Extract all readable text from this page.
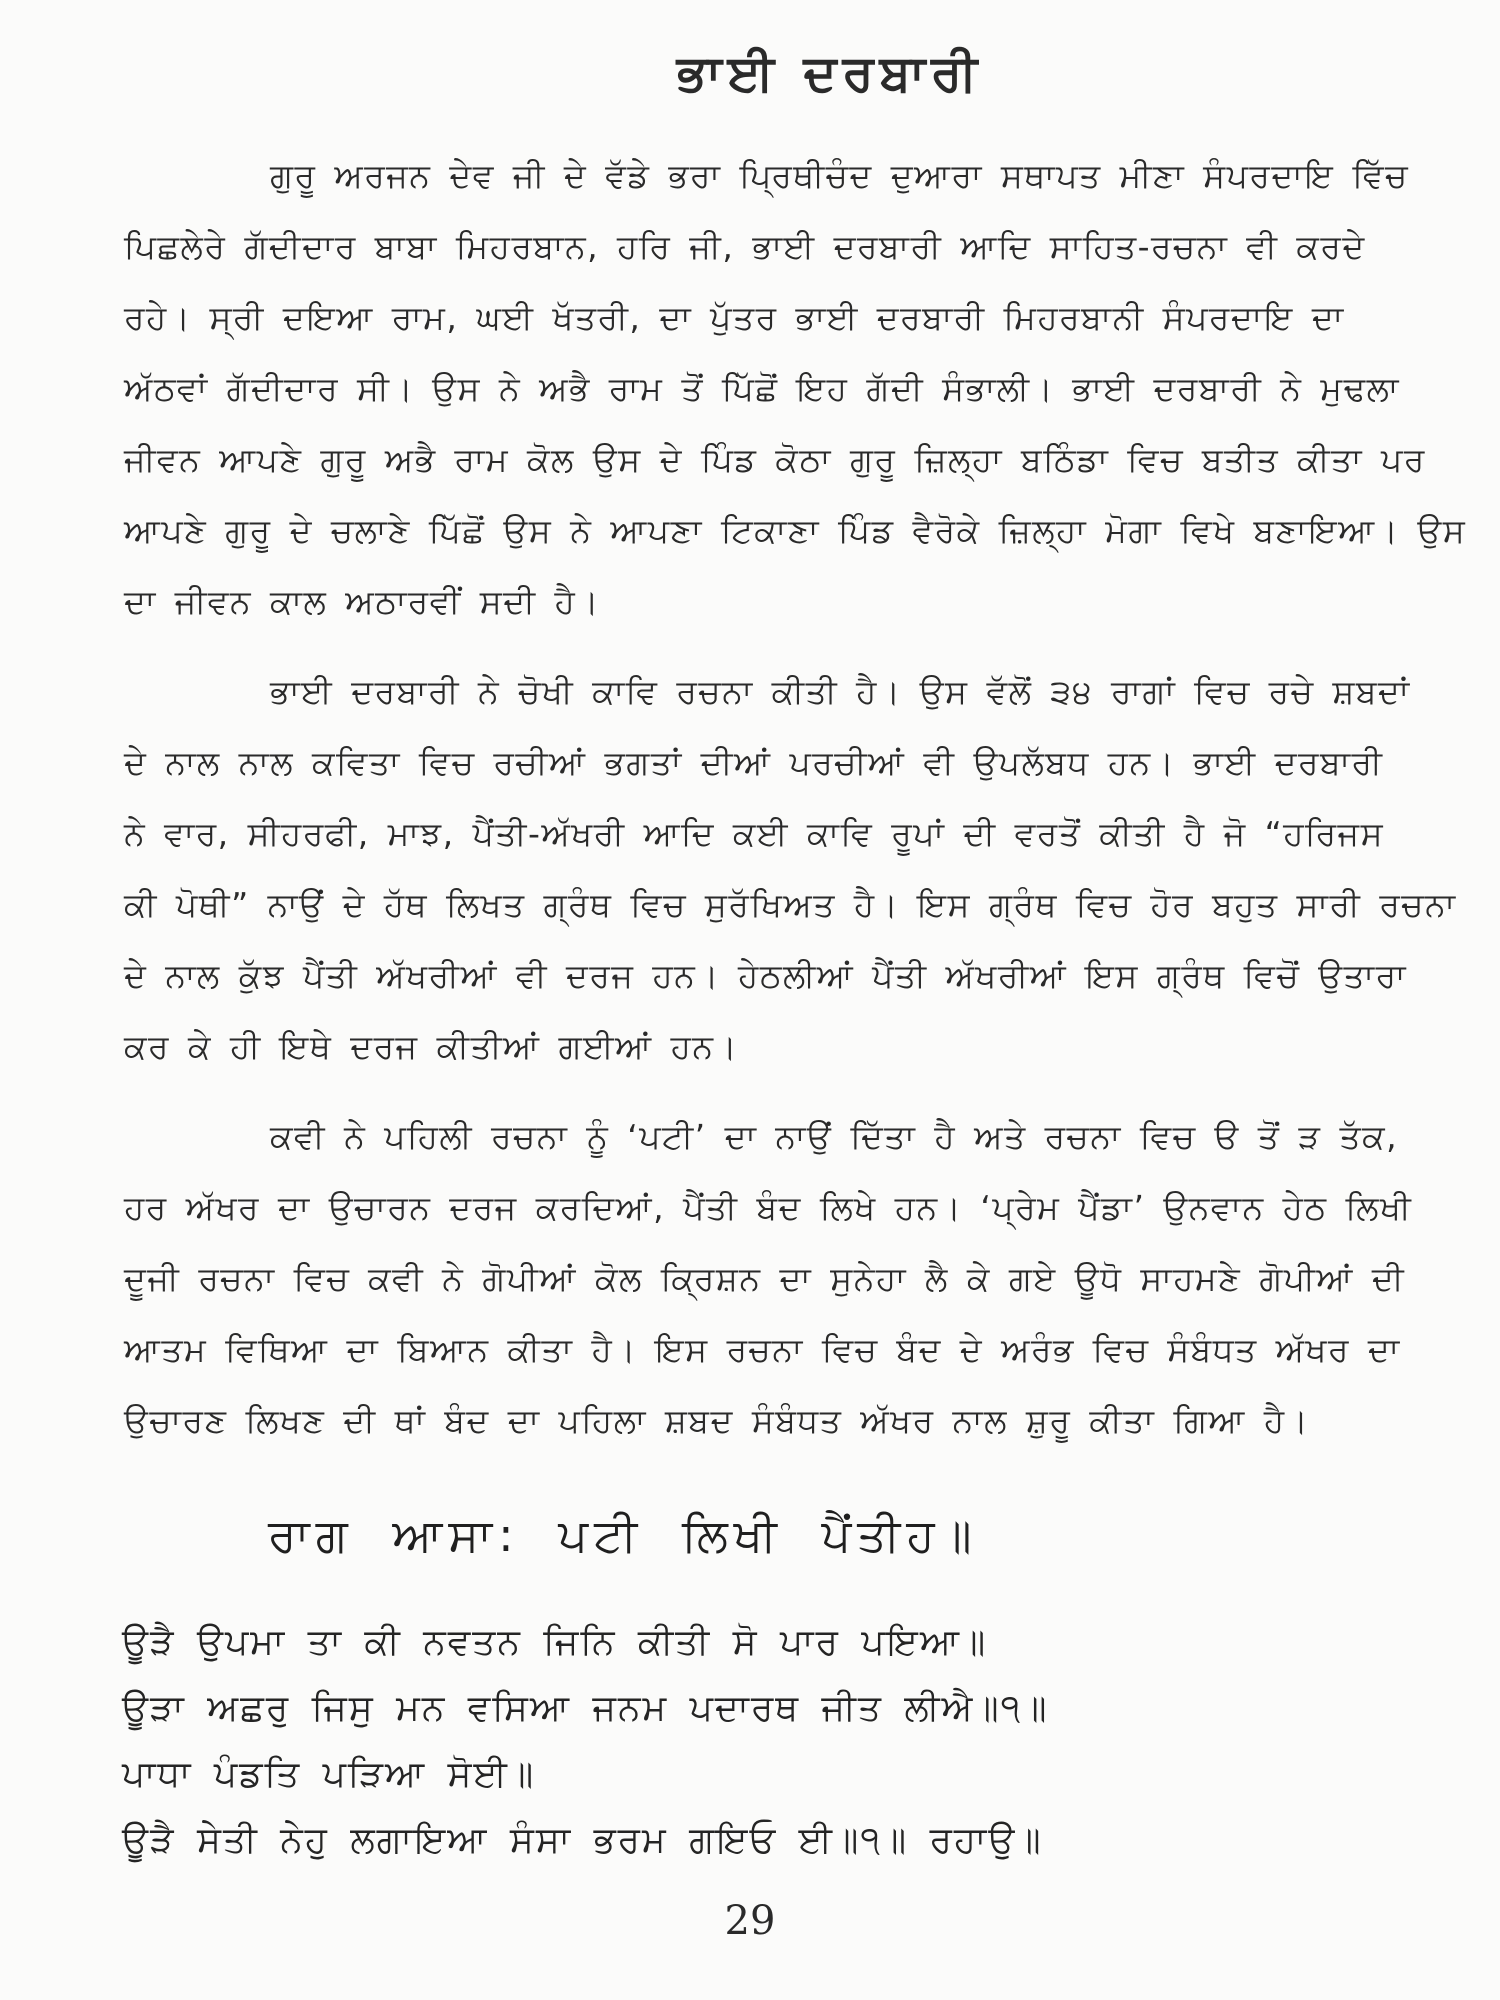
ਭਾਈ ਦਰਬਾਰੀ

ਗੁਰੂ ਅਰਜਨ ਦੇਵ ਜੀ ਦੇ ਵੱਡੇ ਭਰਾ ਪ੍ਰਿਥੀਚੰਦ ਦੁਆਰਾ ਸਥਾਪਤ ਮੀਣਾ ਸੰਪਰਦਾਇ ਵਿੱਚ
ਪਿਛਲੇਰੇ ਗੱਦੀਦਾਰ ਬਾਬਾ ਮਿਹਰਬਾਨ, ਹਰਿ ਜੀ, ਭਾਈ ਦਰਬਾਰੀ ਆਦਿ ਸਾਹਿਤ-ਰਚਨਾ ਵੀ ਕਰਦੇ
ਰਹੇ। ਸ੍ਰੀ ਦਇਆ ਰਾਮ, ਘਈ ਖੱਤਰੀ, ਦਾ ਪੁੱਤਰ ਭਾਈ ਦਰਬਾਰੀ ਮਿਹਰਬਾਨੀ ਸੰਪਰਦਾਇ ਦਾ
ਅੱਠਵਾਂ ਗੱਦੀਦਾਰ ਸੀ। ਉਸ ਨੇ ਅਭੈ ਰਾਮ ਤੋਂ ਪਿੱਛੋਂ ਇਹ ਗੱਦੀ ਸੰਭਾਲੀ। ਭਾਈ ਦਰਬਾਰੀ ਨੇ ਮੁਢਲਾ
ਜੀਵਨ ਆਪਣੇ ਗੁਰੂ ਅਭੈ ਰਾਮ ਕੋਲ ਉਸ ਦੇ ਪਿੰਡ ਕੋਠਾ ਗੁਰੂ ਜ਼ਿਲ੍ਹਾ ਬਠਿੰਡਾ ਵਿਚ ਬਤੀਤ ਕੀਤਾ ਪਰ
ਆਪਣੇ ਗੁਰੂ ਦੇ ਚਲਾਣੇ ਪਿੱਛੋਂ ਉਸ ਨੇ ਆਪਣਾ ਟਿਕਾਣਾ ਪਿੰਡ ਵੈਰੋਕੇ ਜ਼ਿਲ੍ਹਾ ਮੋਗਾ ਵਿਖੇ ਬਣਾਇਆ। ਉਸ
ਦਾ ਜੀਵਨ ਕਾਲ ਅਠਾਰਵੀਂ ਸਦੀ ਹੈ।

ਭਾਈ ਦਰਬਾਰੀ ਨੇ ਚੋਖੀ ਕਾਵਿ ਰਚਨਾ ਕੀਤੀ ਹੈ। ਉਸ ਵੱਲੋਂ ੩੪ ਰਾਗਾਂ ਵਿਚ ਰਚੇ ਸ਼ਬਦਾਂ
ਦੇ ਨਾਲ ਨਾਲ ਕਵਿਤਾ ਵਿਚ ਰਚੀਆਂ ਭਗਤਾਂ ਦੀਆਂ ਪਰਚੀਆਂ ਵੀ ਉਪਲੱਬਧ ਹਨ। ਭਾਈ ਦਰਬਾਰੀ
ਨੇ ਵਾਰ, ਸੀਹਰਫੀ, ਮਾਝ, ਪੈਂਤੀ-ਅੱਖਰੀ ਆਦਿ ਕਈ ਕਾਵਿ ਰੂਪਾਂ ਦੀ ਵਰਤੋਂ ਕੀਤੀ ਹੈ ਜੋ “ਹਰਿਜਸ
ਕੀ ਪੋਥੀ” ਨਾਉਂ ਦੇ ਹੱਥ ਲਿਖਤ ਗ੍ਰੰਥ ਵਿਚ ਸੁਰੱਖਿਅਤ ਹੈ। ਇਸ ਗ੍ਰੰਥ ਵਿਚ ਹੋਰ ਬਹੁਤ ਸਾਰੀ ਰਚਨਾ
ਦੇ ਨਾਲ ਕੁੱਝ ਪੈਂਤੀ ਅੱਖਰੀਆਂ ਵੀ ਦਰਜ ਹਨ। ਹੇਠਲੀਆਂ ਪੈਂਤੀ ਅੱਖਰੀਆਂ ਇਸ ਗ੍ਰੰਥ ਵਿਚੋਂ ਉਤਾਰਾ
ਕਰ ਕੇ ਹੀ ਇਥੇ ਦਰਜ ਕੀਤੀਆਂ ਗਈਆਂ ਹਨ।

ਕਵੀ ਨੇ ਪਹਿਲੀ ਰਚਨਾ ਨੂੰ ‘ਪਟੀ’ ਦਾ ਨਾਉਂ ਦਿੱਤਾ ਹੈ ਅਤੇ ਰਚਨਾ ਵਿਚ ੳ ਤੋਂ ੜ ਤੱਕ,
ਹਰ ਅੱਖਰ ਦਾ ਉਚਾਰਨ ਦਰਜ ਕਰਦਿਆਂ, ਪੈਂਤੀ ਬੰਦ ਲਿਖੇ ਹਨ। ‘ਪ੍ਰੇਮ ਪੈਂਡਾ’ ਉਨਵਾਨ ਹੇਠ ਲਿਖੀ
ਦੂਜੀ ਰਚਨਾ ਵਿਚ ਕਵੀ ਨੇ ਗੋਪੀਆਂ ਕੋਲ ਕ੍ਰਿਸ਼ਨ ਦਾ ਸੁਨੇਹਾ ਲੈ ਕੇ ਗਏ ਊਧੋ ਸਾਹਮਣੇ ਗੋਪੀਆਂ ਦੀ
ਆਤਮ ਵਿਥਿਆ ਦਾ ਬਿਆਨ ਕੀਤਾ ਹੈ। ਇਸ ਰਚਨਾ ਵਿਚ ਬੰਦ ਦੇ ਅਰੰਭ ਵਿਚ ਸੰਬੰਧਤ ਅੱਖਰ ਦਾ
ਉਚਾਰਣ ਲਿਖਣ ਦੀ ਥਾਂ ਬੰਦ ਦਾ ਪਹਿਲਾ ਸ਼ਬਦ ਸੰਬੰਧਤ ਅੱਖਰ ਨਾਲ ਸ਼ੁਰੂ ਕੀਤਾ ਗਿਆ ਹੈ।

ਰਾਗ ਆਸਾ: ਪਟੀ ਲਿਖੀ ਪੈਂਤੀਹ॥
ਊੜੈ ਉਪਮਾ ਤਾ ਕੀ ਨਵਤਨ ਜਿਨਿ ਕੀਤੀ ਸੋ ਪਾਰ ਪਇਆ॥
ਊੜਾ ਅਛਰੁ ਜਿਸੁ ਮਨ ਵਸਿਆ ਜਨਮ ਪਦਾਰਥ ਜੀਤ ਲੀਐ॥੧॥
ਪਾਧਾ ਪੰਡਤਿ ਪੜਿਆ ਸੋਈ॥
ਊੜੈ ਸੇਤੀ ਨੇਹੁ ਲਗਾਇਆ ਸੰਸਾ ਭਰਮ ਗਇਓ ਈ॥੧॥ ਰਹਾਉ॥
29
